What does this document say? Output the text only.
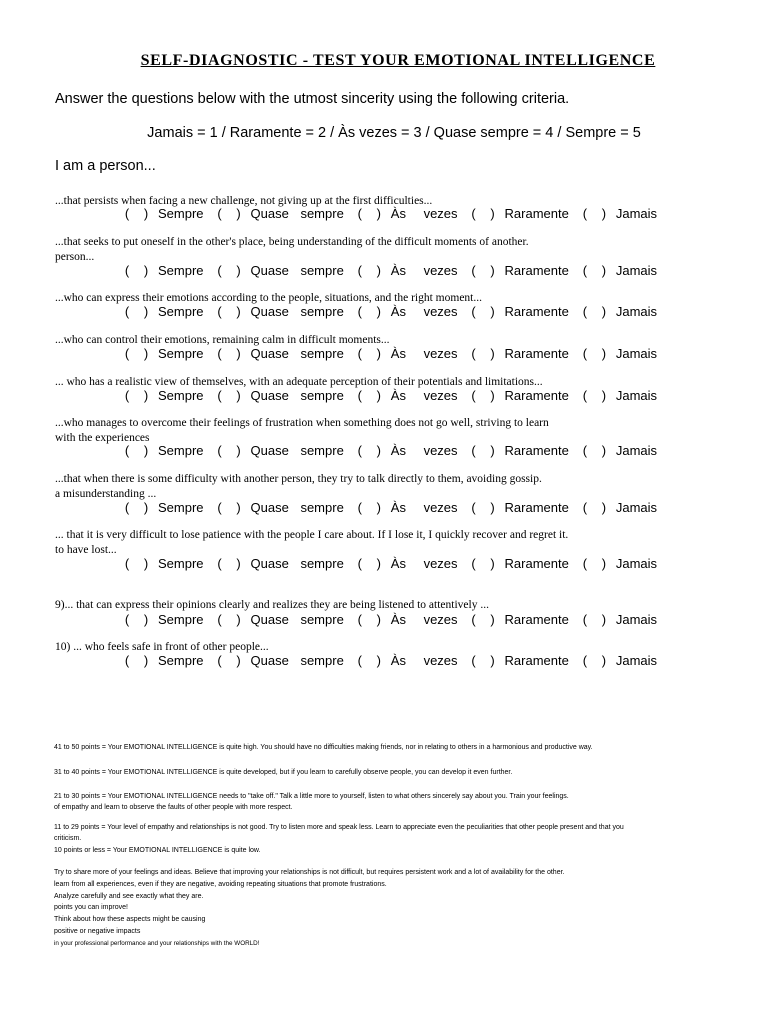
SELF-DIAGNOSTIC - TEST YOUR EMOTIONAL INTELLIGENCE
Answer the questions below with the utmost sincerity using the following criteria.
Jamais = 1 / Raramente = 2 / Às vezes = 3 / Quase sempre = 4 / Sempre = 5
I am a person...
...that persists when facing a new challenge, not giving up at the first difficulties...
( ) Sempre ( ) Quase sempre ( ) Às vezes ( ) Raramente ( ) Jamais
...that seeks to put oneself in the other's place, being understanding of the difficult moments of another.
person...
( ) Sempre ( ) Quase sempre ( ) Às vezes ( ) Raramente ( ) Jamais
...who can express their emotions according to the people, situations, and the right moment...
( ) Sempre ( ) Quase sempre ( ) Às vezes ( ) Raramente ( ) Jamais
...who can control their emotions, remaining calm in difficult moments...
( ) Sempre ( ) Quase sempre ( ) Às vezes ( ) Raramente ( ) Jamais
... who has a realistic view of themselves, with an adequate perception of their potentials and limitations...
( ) Sempre ( ) Quase sempre ( ) Às vezes ( ) Raramente ( ) Jamais
...who manages to overcome their feelings of frustration when something does not go well, striving to learn
with the experiences
( ) Sempre ( ) Quase sempre ( ) Às vezes ( ) Raramente ( ) Jamais
...that when there is some difficulty with another person, they try to talk directly to them, avoiding gossip.
a misunderstanding ...
( ) Sempre ( ) Quase sempre ( ) Às vezes ( ) Raramente ( ) Jamais
... that it is very difficult to lose patience with the people I care about. If I lose it, I quickly recover and regret it.
to have lost...
( ) Sempre ( ) Quase sempre ( ) Às vezes ( ) Raramente ( ) Jamais
9)... that can express their opinions clearly and realizes they are being listened to attentively ...
( ) Sempre ( ) Quase sempre ( ) Às vezes ( ) Raramente ( ) Jamais
10) ... who feels safe in front of other people...
( ) Sempre ( ) Quase sempre ( ) Às vezes ( ) Raramente ( ) Jamais
41 to 50 points = Your EMOTIONAL INTELLIGENCE is quite high. You should have no difficulties making friends, nor in relating to others in a harmonious and productive way.
31 to 40 points = Your EMOTIONAL INTELLIGENCE is quite developed, but if you learn to carefully observe people, you can develop it even further.
21 to 30 points = Your EMOTIONAL INTELLIGENCE needs to "take off." Talk a little more to yourself, listen to what others sincerely say about you. Train your feelings.
of empathy and learn to observe the faults of other people with more respect.
11 to 29 points = Your level of empathy and relationships is not good. Try to listen more and speak less. Learn to appreciate even the peculiarities that other people present and that you
criticism.
10 points or less = Your EMOTIONAL INTELLIGENCE is quite low.
Try to share more of your feelings and ideas. Believe that improving your relationships is not difficult, but requires persistent work and a lot of availability for the other.
learn from all experiences, even if they are negative, avoiding repeating situations that promote frustrations.
Analyze carefully and see exactly what they are.
points you can improve!
Think about how these aspects might be causing
positive or negative impacts
in your professional performance and your relationships with the WORLD!
